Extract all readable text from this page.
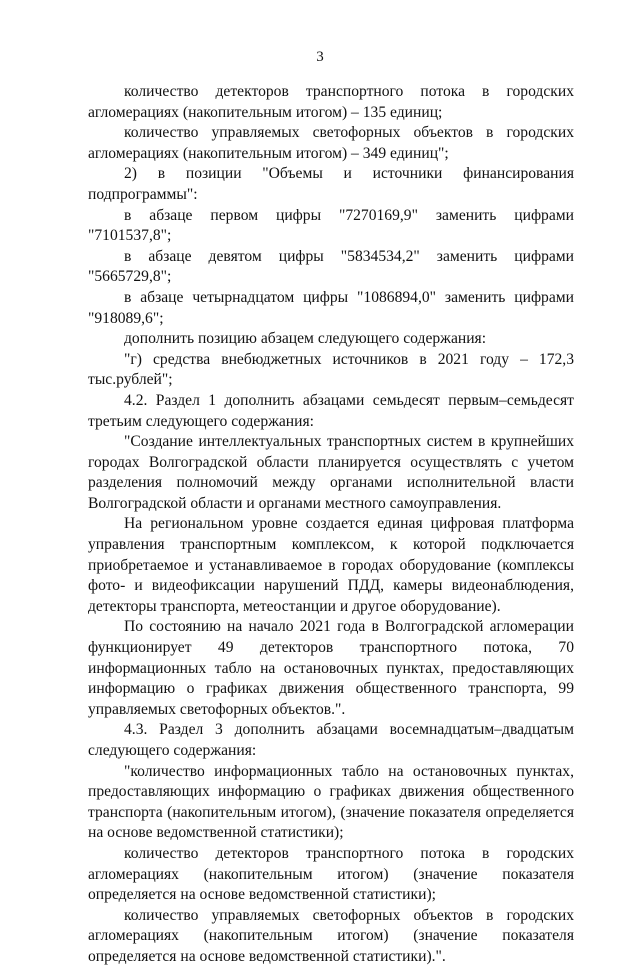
3

количество детекторов транспортного потока в городских агломерациях (накопительным итогом) – 135 единиц;

количество управляемых светофорных объектов в городских агломерациях (накопительным итогом) – 349 единиц";

2) в позиции "Объемы и источники финансирования подпрограммы":

в абзаце первом цифры "7270169,9" заменить цифрами "7101537,8";

в абзаце девятом цифры "5834534,2" заменить цифрами "5665729,8";

в абзаце четырнадцатом цифры "1086894,0" заменить цифрами "918089,6";

дополнить позицию абзацем следующего содержания:

"г) средства внебюджетных источников в 2021 году – 172,3 тыс.рублей";

4.2. Раздел 1 дополнить абзацами семьдесят первым–семьдесят третьим следующего содержания:

"Создание интеллектуальных транспортных систем в крупнейших городах Волгоградской области планируется осуществлять с учетом разделения полномочий между органами исполнительной власти Волгоградской области и органами местного самоуправления.

На региональном уровне создается единая цифровая платформа управления транспортным комплексом, к которой подключается приобретаемое и устанавливаемое в городах оборудование (комплексы фото- и видеофиксации нарушений ПДД, камеры видеонаблюдения, детекторы транспорта, метеостанции и другое оборудование).

По состоянию на начало 2021 года в Волгоградской агломерации функционирует 49 детекторов транспортного потока, 70 информационных табло на остановочных пунктах, предоставляющих информацию о графиках движения общественного транспорта, 99 управляемых светофорных объектов.".

4.3. Раздел 3 дополнить абзацами восемнадцатым–двадцатым следующего содержания:

"количество информационных табло на остановочных пунктах, предоставляющих информацию о графиках движения общественного транспорта (накопительным итогом), (значение показателя определяется на основе ведомственной статистики);

количество детекторов транспортного потока в городских агломерациях (накопительным итогом) (значение показателя определяется на основе ведомственной статистики);

количество управляемых светофорных объектов в городских агломерациях (накопительным итогом) (значение показателя определяется на основе ведомственной статистики).".
